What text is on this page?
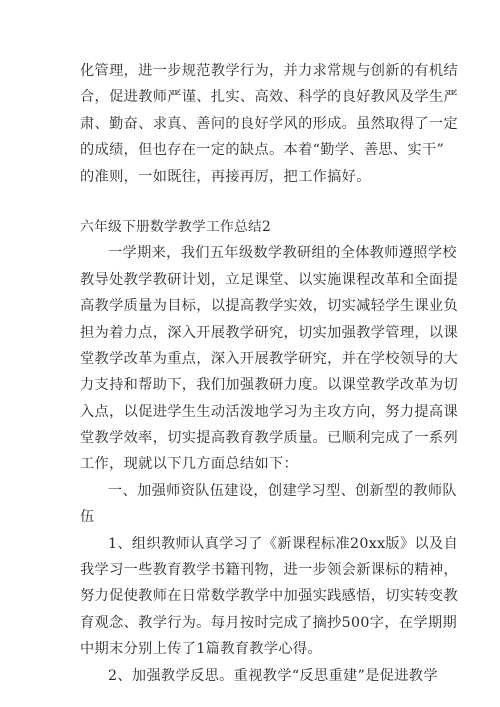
化管理，进一步规范教学行为，并力求常规与创新的有机结
合，促进教师严谨、扎实、高效、科学的良好教风及学生严
肃、勤奋、求真、善问的良好学风的形成。虽然取得了一定
的成绩，但也存在一定的缺点。本着“勤学、善思、实干”
的准则，一如既往，再接再厉，把工作搞好。
六年级下册数学教学工作总结2
一学期来，我们五年级数学教研组的全体教师遵照学校
教导处教学教研计划，立足课堂、以实施课程改革和全面提
高教学质量为目标，以提高教学实效，切实减轻学生课业负
担为着力点，深入开展教学研究，切实加强教学管理，以课
堂教学改革为重点，深入开展教学研究，并在学校领导的大
力支持和帮助下，我们加强教研力度。以课堂教学改革为切
入点，以促进学生生动活泼地学习为主攻方向，努力提高课
堂教学效率，切实提高教育教学质量。已顺利完成了一系列
工作，现就以下几方面总结如下：
一、加强师资队伍建设，创建学习型、创新型的教师队
伍
1、组织教师认真学习了《新课程标准20xx版》以及自
我学习一些教育教学书籍刊物，进一步领会新课标的精神，
努力促使教师在日常数学教学中加强实践感悟，切实转变教
育观念、教学行为。每月按时完成了摘抄500字，在学期期
中期末分别上传了1篇教育教学心得。
2、加强教学反思。重视教学“反思重建”是促进教学
